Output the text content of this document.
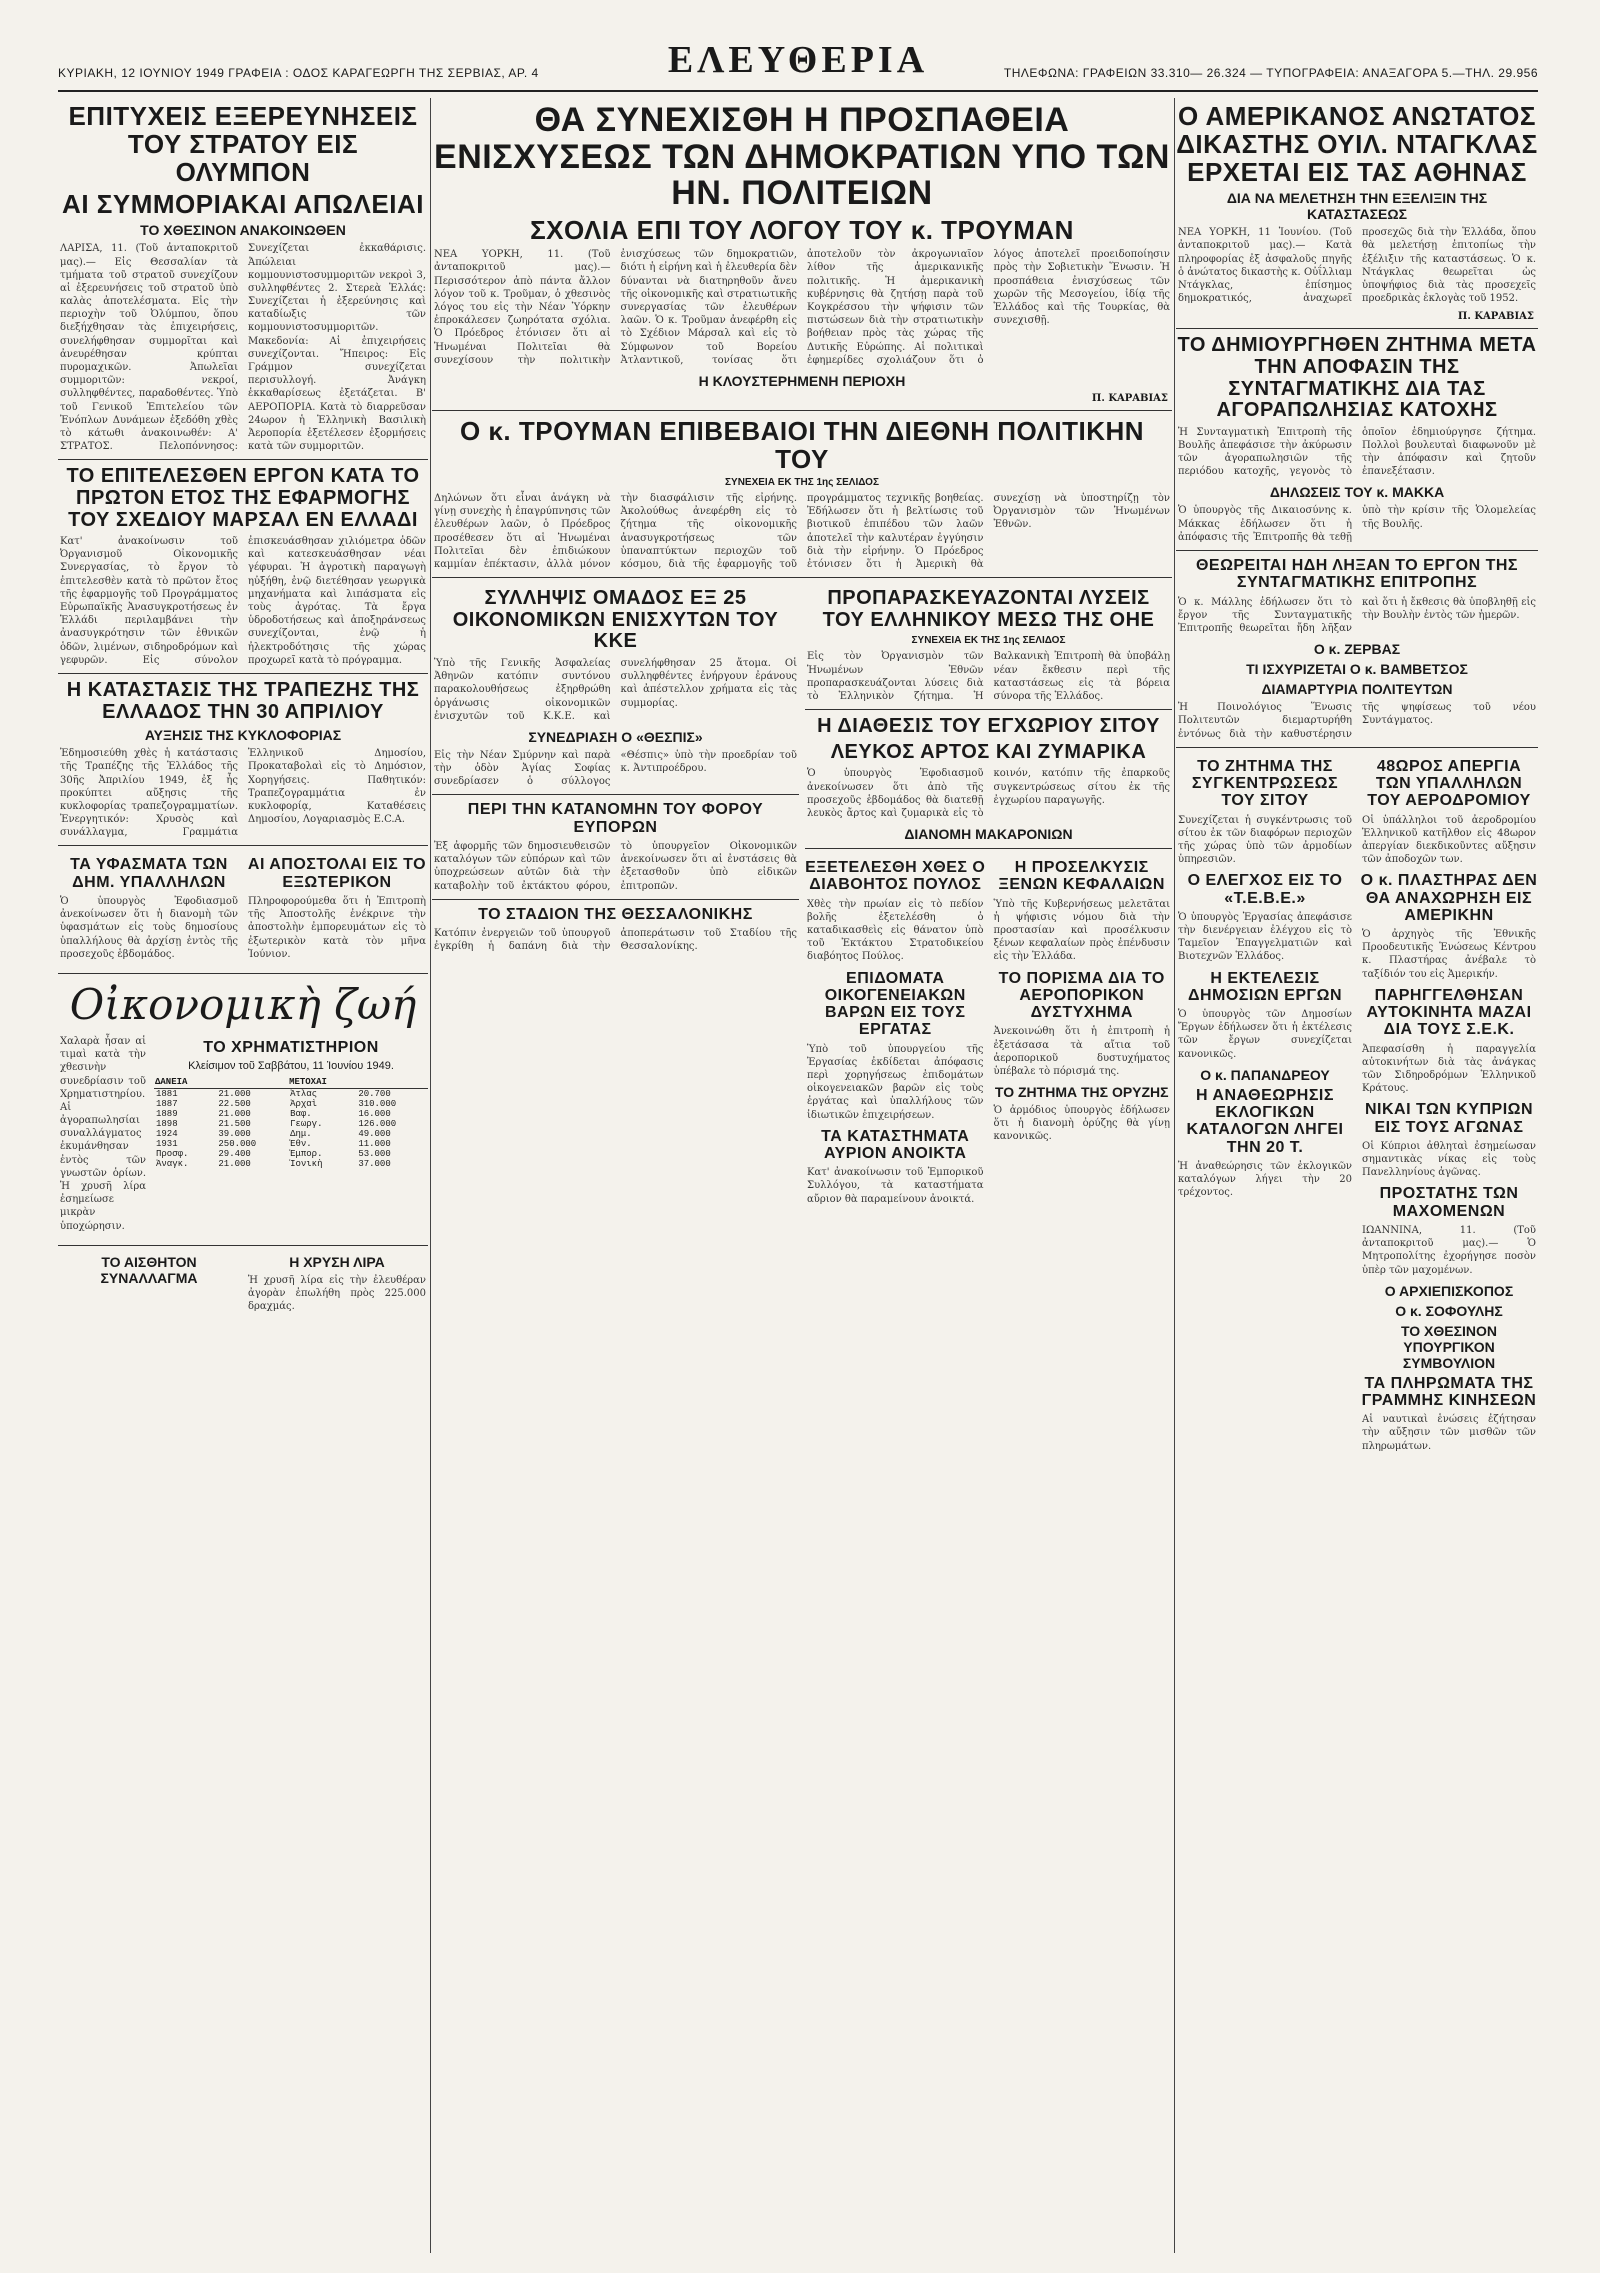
ΚΥΡΙΑΚΗ, 12 ΙΟΥΝΙΟΥ 1949 ΓΡΑΦΕΙΑ : ΟΔΟΣ ΚΑΡΑΓΕΩΡΓΗ ΤΗΣ ΣΕΡΒΙΑΣ, ΑΡ. 4	ΕΛΕΥΘΕΡΙΑ	ΤΗΛΕΦΩΝΑ: ΓΡΑΦΕΙΩΝ 33.310— 26.324 — ΤΥΠΟΓΡΑΦΕΙΑ: ΑΝΑΞΑΓΟΡΑ 5.—ΤΗΛ. 29.956
ΕΠΙΤΥΧΕΙΣ ΕΞΕΡΕΥΝΗΣΕΙΣ ΤΟΥ ΣΤΡΑΤΟΥ ΕΙΣ ΟΛΥΜΠΟΝ
ΑΙ ΣΥΜΜΟΡΙΑΚΑΙ ΑΠΩΛΕΙΑΙ
ΤΟ ΧΘΕΣΙΝΟΝ ΑΝΑΚΟΙΝΩΘΕΝ
ΛΑΡΙΣΑ, 11. (Τοῦ ἀνταποκριτοῦ μας).— Εἰς Θεσσαλίαν τὰ τμήματα τοῦ στρατοῦ συνεχίζουν αἱ ἐξερευνήσεις τοῦ στρατοῦ ὑπὸ καλὰς ἀποτελέσματα. Εἰς τὴν περιοχὴν τοῦ Ὀλύμπου, ὅπου διεξήχθησαν τὰς ἐπιχειρήσεις, συνελήφθησαν συμμορῖται καὶ ἀνευρέθησαν κρύπται πυρομαχικῶν. Ἀπωλεῖαι συμμοριτῶν: νεκροί, συλληφθέντες, παραδοθέντες. Ὑπὸ τοῦ Γενικοῦ Ἐπιτελείου τῶν Ἐνόπλων Δυνάμεων ἐξεδόθη χθὲς τὸ κάτωθι ἀνακοινωθέν: Α' ΣΤΡΑΤΟΣ. Πελοπόννησος: Συνεχίζεται ἐκκαθάρισις. Ἀπώλειαι κομμουνιστοσυμμοριτῶν νεκροὶ 3, συλληφθέντες 2. Στερεὰ Ἑλλάς: Συνεχίζεται ἡ ἐξερεύνησις καὶ καταδίωξις τῶν κομμουνιστοσυμμοριτῶν. Μακεδονία: Αἱ ἐπιχειρήσεις συνεχίζονται. Ἤπειρος: Εἰς Γράμμον συνεχίζεται περισυλλογή. Ἀνάγκη ἑκκαθαρίσεως ἐξετάζεται. Β' ΑΕΡΟΠΟΡΙΑ. Κατὰ τὸ διαρρεῦσαν 24ωρον ἡ Ἑλληνικὴ Βασιλικὴ Ἀεροπορία ἐξετέλεσεν ἐξορμήσεις κατὰ τῶν συμμοριτῶν.
ΤΟ ΕΠΙΤΕΛΕΣΘΕΝ ΕΡΓΟΝ ΚΑΤΑ ΤΟ ΠΡΩΤΟΝ ΕΤΟΣ ΤΗΣ ΕΦΑΡΜΟΓΗΣ ΤΟΥ ΣΧΕΔΙΟΥ ΜΑΡΣΑΛ ΕΝ ΕΛΛΑΔΙ
Κατ' ἀνακοίνωσιν τοῦ Ὀργανισμοῦ Οἰκονομικῆς Συνεργασίας, τὸ ἔργον τὸ ἐπιτελεσθὲν κατὰ τὸ πρῶτον ἔτος τῆς ἐφαρμογῆς τοῦ Προγράμματος Εὐρωπαϊκῆς Ἀνασυγκροτήσεως ἐν Ἑλλάδι περιλαμβάνει τὴν ἀνασυγκρότησιν τῶν ἐθνικῶν ὁδῶν, λιμένων, σιδηροδρόμων καὶ γεφυρῶν. Εἰς σύνολον ἐπισκευάσθησαν χιλιόμετρα ὁδῶν καὶ κατεσκευάσθησαν νέαι γέφυραι. Ἡ ἀγροτικὴ παραγωγὴ ηὐξήθη, ἐνῷ διετέθησαν γεωργικὰ μηχανήματα καὶ λιπάσματα εἰς τοὺς ἀγρότας. Τὰ ἔργα ὑδροδοτήσεως καὶ ἀποξηράνσεως συνεχίζονται, ἐνῷ ἡ ἠλεκτροδότησις τῆς χώρας προχωρεῖ κατὰ τὸ πρόγραμμα.
Η ΚΑΤΑΣΤΑΣΙΣ ΤΗΣ ΤΡΑΠΕΖΗΣ ΤΗΣ ΕΛΛΑΔΟΣ ΤΗΝ 30 ΑΠΡΙΛΙΟΥ
ΑΥΞΗΣΙΣ ΤΗΣ ΚΥΚΛΟΦΟΡΙΑΣ
Ἐδημοσιεύθη χθὲς ἡ κατάστασις τῆς Τραπέζης τῆς Ἑλλάδος τῆς 30ῆς Ἀπριλίου 1949, ἐξ ἧς προκύπτει αὔξησις τῆς κυκλοφορίας τραπεζογραμματίων. Ἐνεργητικόν: Χρυσὸς καὶ συνάλλαγμα, Γραμμάτια Ἑλληνικοῦ Δημοσίου, Προκαταβολαὶ εἰς τὸ Δημόσιον, Χορηγήσεις. Παθητικόν: Τραπεζογραμμάτια ἐν κυκλοφορίᾳ, Καταθέσεις Δημοσίου, Λογαριασμὸς E.C.A.
ΤΑ ΥΦΑΣΜΑΤΑ ΤΩΝ ΔΗΜ. ΥΠΑΛΛΗΛΩΝ
Ὁ ὑπουργὸς Ἐφοδιασμοῦ ἀνεκοίνωσεν ὅτι ἡ διανομὴ τῶν ὑφασμάτων εἰς τοὺς δημοσίους ὑπαλλήλους θὰ ἀρχίσῃ ἐντὸς τῆς προσεχοῦς ἑβδομάδος.
ΑΙ ΑΠΟΣΤΟΛΑΙ ΕΙΣ ΤΟ ΕΞΩΤΕΡΙΚΟΝ
Πληροφορούμεθα ὅτι ἡ Ἐπιτροπὴ τῆς Ἀποστολῆς ἐνέκρινε τὴν ἀποστολὴν ἐμπορευμάτων εἰς τὸ ἐξωτερικὸν κατὰ τὸν μῆνα Ἰούνιον.
Οἰκονομικὴ ζωή
Χαλαρὰ ἦσαν αἱ τιμαὶ κατὰ τὴν χθεσινὴν συνεδρίασιν τοῦ Χρηματιστηρίου. Αἱ ἀγοραπωλησίαι συναλλάγματος ἐκυμάνθησαν ἐντὸς τῶν γνωστῶν ὁρίων. Ἡ χρυσῆ λίρα ἐσημείωσε μικρὰν ὑποχώρησιν.
ΤΟ ΧΡΗΜΑΤΙΣΤΗΡΙΟΝ
Κλείσιμον τοῦ Σαββάτου, 11 Ἰουνίου 1949.
ΔΑΝΕΙΑ		ΜΕΤΟΧΑΙ	
1881	21.000	Ἀτλας	20.700
1887	22.500	Ἀρχαὶ	310.000
1889	21.000	Βαφ.	16.000
1898	21.500	Γεωργ.	126.000
1924	39.000	Δημ.	49.000
1931	250.000	Ἐθν.	11.000
Προσφ.	29.400	Ἐμπορ.	53.000
Ἀναγκ.	21.000	Ἰονικὴ	37.000
ΤΟ ΑΙΣΘΗΤΟΝ ΣΥΝΑΛΛΑΓΜΑ
Η ΧΡΥΣΗ ΛΙΡΑ
Ἡ χρυσῆ λίρα εἰς τὴν ἐλευθέραν ἀγορὰν ἐπωλήθη πρὸς 225.000 δραχμάς.
ΘΑ ΣΥΝΕΧΙΣΘΗ Η ΠΡΟΣΠΑΘΕΙΑ ΕΝΙΣΧΥΣΕΩΣ ΤΩΝ ΔΗΜΟΚΡΑΤΙΩΝ ΥΠΟ ΤΩΝ ΗΝ. ΠΟΛΙΤΕΙΩΝ
ΣΧΟΛΙΑ ΕΠΙ ΤΟΥ ΛΟΓΟΥ ΤΟΥ κ. ΤΡΟΥΜΑΝ
ΝΕΑ ΥΟΡΚΗ, 11. (Τοῦ ἀνταποκριτοῦ μας).— Περισσότερον ἀπὸ πάντα ἄλλον λόγον τοῦ κ. Τροῦμαν, ὁ χθεσινὸς λόγος του εἰς τὴν Νέαν Ὑόρκην ἐπροκάλεσεν ζωηρότατα σχόλια. Ὁ Πρόεδρος ἐτόνισεν ὅτι αἱ Ἡνωμέναι Πολιτεῖαι θὰ συνεχίσουν τὴν πολιτικὴν ἐνισχύσεως τῶν δημοκρατιῶν, διότι ἡ εἰρήνη καὶ ἡ ἐλευθερία δὲν δύνανται νὰ διατηρηθοῦν ἄνευ τῆς οἰκονομικῆς καὶ στρατιωτικῆς συνεργασίας τῶν ἐλευθέρων λαῶν. Ὁ κ. Τροῦμαν ἀνεφέρθη εἰς τὸ Σχέδιον Μάρσαλ καὶ εἰς τὸ Σύμφωνον τοῦ Βορείου Ἀτλαντικοῦ, τονίσας ὅτι ἀποτελοῦν τὸν ἀκρογωνιαῖον λίθον τῆς ἀμερικανικῆς πολιτικῆς. Ἡ ἀμερικανικὴ κυβέρνησις θὰ ζητήσῃ παρὰ τοῦ Κογκρέσσου τὴν ψήφισιν τῶν πιστώσεων διὰ τὴν στρατιωτικὴν βοήθειαν πρὸς τὰς χώρας τῆς Δυτικῆς Εὐρώπης. Αἱ πολιτικαὶ ἐφημερίδες σχολιάζουν ὅτι ὁ λόγος ἀποτελεῖ προειδοποίησιν πρὸς τὴν Σοβιετικὴν Ἕνωσιν. Ἡ προσπάθεια ἐνισχύσεως τῶν χωρῶν τῆς Μεσογείου, ἰδίᾳ τῆς Ἑλλάδος καὶ τῆς Τουρκίας, θὰ συνεχισθῇ.
Η ΚΛΟΥΣΤΕΡΗΜΕΝΗ ΠΕΡΙΟΧΗ
Π. ΚΑΡΑΒΙΑΣ
Ο κ. ΤΡΟΥΜΑΝ ΕΠΙΒΕΒΑΙΟΙ ΤΗΝ ΔΙΕΘΝΗ ΠΟΛΙΤΙΚΗΝ ΤΟΥ
ΣΥΝΕΧΕΙΑ ΕΚ ΤΗΣ 1ης ΣΕΛΙΔΟΣ
Δηλώνων ὅτι εἶναι ἀνάγκη νὰ γίνῃ συνεχὴς ἡ ἐπαγρύπνησις τῶν ἐλευθέρων λαῶν, ὁ Πρόεδρος προσέθεσεν ὅτι αἱ Ἡνωμέναι Πολιτεῖαι δὲν ἐπιδιώκουν καμμίαν ἐπέκτασιν, ἀλλὰ μόνον τὴν διασφάλισιν τῆς εἰρήνης. Ἀκολούθως ἀνεφέρθη εἰς τὸ ζήτημα τῆς οἰκονομικῆς ἀνασυγκροτήσεως τῶν ὑπαναπτύκτων περιοχῶν τοῦ κόσμου, διὰ τῆς ἐφαρμογῆς τοῦ προγράμματος τεχνικῆς βοηθείας. Ἐδήλωσεν ὅτι ἡ βελτίωσις τοῦ βιοτικοῦ ἐπιπέδου τῶν λαῶν ἀποτελεῖ τὴν καλυτέραν ἐγγύησιν διὰ τὴν εἰρήνην. Ὁ Πρόεδρος ἐτόνισεν ὅτι ἡ Ἀμερικὴ θὰ συνεχίσῃ νὰ ὑποστηρίζῃ τὸν Ὀργανισμὸν τῶν Ἡνωμένων Ἐθνῶν.
ΣΥΛΛΗΨΙΣ ΟΜΑΔΟΣ ΕΞ 25 ΟΙΚΟΝΟΜΙΚΩΝ ΕΝΙΣΧΥΤΩΝ ΤΟΥ ΚΚΕ
Ὑπὸ τῆς Γενικῆς Ἀσφαλείας Ἀθηνῶν κατόπιν συντόνου παρακολουθήσεως ἐξηρθρώθη ὀργάνωσις οἰκονομικῶν ἐνισχυτῶν τοῦ Κ.Κ.Ε. καὶ συνελήφθησαν 25 ἄτομα. Οἱ συλληφθέντες ἐνήργουν ἐράνους καὶ ἀπέστελλον χρήματα εἰς τὰς συμμορίας.
ΣΥΝΕΔΡΙΑΣΗ Ο «ΘΕΣΠΙΣ»
Εἰς τὴν Νέαν Σμύρνην καὶ παρὰ τὴν ὁδὸν Ἀγίας Σοφίας συνεδρίασεν ὁ σύλλογος «Θέσπις» ὑπὸ τὴν προεδρίαν τοῦ κ. Ἀντιπροέδρου.
ΠΕΡΙ ΤΗΝ ΚΑΤΑΝΟΜΗΝ ΤΟΥ ΦΟΡΟΥ ΕΥΠΟΡΩΝ
Ἐξ ἀφορμῆς τῶν δημοσιευθεισῶν καταλόγων τῶν εὐπόρων καὶ τῶν ὑποχρεώσεων αὐτῶν διὰ τὴν καταβολὴν τοῦ ἐκτάκτου φόρου, τὸ ὑπουργεῖον Οἰκονομικῶν ἀνεκοίνωσεν ὅτι αἱ ἐνστάσεις θὰ ἐξετασθοῦν ὑπὸ εἰδικῶν ἐπιτροπῶν.
ΤΟ ΣΤΑΔΙΟΝ ΤΗΣ ΘΕΣΣΑΛΟΝΙΚΗΣ
Κατόπιν ἐνεργειῶν τοῦ ὑπουργοῦ ἐγκρίθη ἡ δαπάνη διὰ τὴν ἀποπεράτωσιν τοῦ Σταδίου τῆς Θεσσαλονίκης.
ΠΡΟΠΑΡΑΣΚΕΥΑΖΟΝΤΑΙ ΛΥΣΕΙΣ ΤΟΥ ΕΛΛΗΝΙΚΟΥ ΜΕΣΩ ΤΗΣ ΟΗΕ
ΣΥΝΕΧΕΙΑ ΕΚ ΤΗΣ 1ης ΣΕΛΙΔΟΣ
Εἰς τὸν Ὀργανισμὸν τῶν Ἡνωμένων Ἐθνῶν προπαρασκευάζονται λύσεις διὰ τὸ Ἑλληνικὸν ζήτημα. Ἡ Βαλκανικὴ Ἐπιτροπὴ θὰ ὑποβάλῃ νέαν ἔκθεσιν περὶ τῆς καταστάσεως εἰς τὰ βόρεια σύνορα τῆς Ἑλλάδος.
Η ΔΙΑΘΕΣΙΣ ΤΟΥ ΕΓΧΩΡΙΟΥ ΣΙΤΟΥ
ΛΕΥΚΟΣ ΑΡΤΟΣ ΚΑΙ ΖΥΜΑΡΙΚΑ
Ὁ ὑπουργὸς Ἐφοδιασμοῦ ἀνεκοίνωσεν ὅτι ἀπὸ τῆς προσεχοῦς ἑβδομάδος θὰ διατεθῇ λευκὸς ἄρτος καὶ ζυμαρικὰ εἰς τὸ κοινόν, κατόπιν τῆς ἐπαρκοῦς συγκεντρώσεως σίτου ἐκ τῆς ἐγχωρίου παραγωγῆς.
ΔΙΑΝΟΜΗ ΜΑΚΑΡΟΝΙΩΝ
ΕΞΕΤΕΛΕΣΘΗ ΧΘΕΣ Ο ΔΙΑΒΟΗΤΟΣ ΠΟΥΛΟΣ
Χθὲς τὴν πρωίαν εἰς τὸ πεδίον βολῆς ἐξετελέσθη ὁ καταδικασθεὶς εἰς θάνατον ὑπὸ τοῦ Ἐκτάκτου Στρατοδικείου διαβόητος Πούλος.
ΕΠΙΔΟΜΑΤΑ ΟΙΚΟΓΕΝΕΙΑΚΩΝ ΒΑΡΩΝ ΕΙΣ ΤΟΥΣ ΕΡΓΑΤΑΣ
Ὑπὸ τοῦ ὑπουργείου τῆς Ἐργασίας ἐκδίδεται ἀπόφασις περὶ χορηγήσεως ἐπιδομάτων οἰκογενειακῶν βαρῶν εἰς τοὺς ἐργάτας καὶ ὑπαλλήλους τῶν ἰδιωτικῶν ἐπιχειρήσεων.
ΤΑ ΚΑΤΑΣΤΗΜΑΤΑ ΑΥΡΙΟΝ ΑΝΟΙΚΤΑ
Κατ' ἀνακοίνωσιν τοῦ Ἐμπορικοῦ Συλλόγου, τὰ καταστήματα αὔριον θὰ παραμείνουν ἀνοικτά.
Η ΠΡΟΣΕΛΚΥΣΙΣ ΞΕΝΩΝ ΚΕΦΑΛΑΙΩΝ
Ὑπὸ τῆς Κυβερνήσεως μελετᾶται ἡ ψήφισις νόμου διὰ τὴν προστασίαν καὶ προσέλκυσιν ξένων κεφαλαίων πρὸς ἐπένδυσιν εἰς τὴν Ἑλλάδα.
ΤΟ ΠΟΡΙΣΜΑ ΔΙΑ ΤΟ ΑΕΡΟΠΟΡΙΚΟΝ ΔΥΣΤΥΧΗΜΑ
Ἀνεκοινώθη ὅτι ἡ ἐπιτροπὴ ἡ ἐξετάσασα τὰ αἴτια τοῦ ἀεροπορικοῦ δυστυχήματος ὑπέβαλε τὸ πόρισμά της.
ΤΟ ΖΗΤΗΜΑ ΤΗΣ ΟΡΥΖΗΣ
Ὁ ἀρμόδιος ὑπουργὸς ἐδήλωσεν ὅτι ἡ διανομὴ ὀρύζης θὰ γίνῃ κανονικῶς.
Ο ΑΜΕΡΙΚΑΝΟΣ ΑΝΩΤΑΤΟΣ ΔΙΚΑΣΤΗΣ ΟΥΙΛ. ΝΤΑΓΚΛΑΣ ΕΡΧΕΤΑΙ ΕΙΣ ΤΑΣ ΑΘΗΝΑΣ
ΔΙΑ ΝΑ ΜΕΛΕΤΗΣΗ ΤΗΝ ΕΞΕΛΙΞΙΝ ΤΗΣ ΚΑΤΑΣΤΑΣΕΩΣ
ΝΕΑ ΥΟΡΚΗ, 11 Ἰουνίου. (Τοῦ ἀνταποκριτοῦ μας).— Κατὰ πληροφορίας ἐξ ἀσφαλοῦς πηγῆς ὁ ἀνώτατος δικαστὴς κ. Οὐΐλλιαμ Ντάγκλας, ἐπίσημος δημοκρατικός, ἀναχωρεῖ προσεχῶς διὰ τὴν Ἑλλάδα, ὅπου θὰ μελετήσῃ ἐπιτοπίως τὴν ἐξέλιξιν τῆς καταστάσεως. Ὁ κ. Ντάγκλας θεωρεῖται ὡς ὑποψήφιος διὰ τὰς προσεχεῖς προεδρικὰς ἐκλογὰς τοῦ 1952.
Π. ΚΑΡΑΒΙΑΣ
ΤΟ ΔΗΜΙΟΥΡΓΗΘΕΝ ΖΗΤΗΜΑ ΜΕΤΑ ΤΗΝ ΑΠΟΦΑΣΙΝ ΤΗΣ ΣΥΝΤΑΓΜΑΤΙΚΗΣ ΔΙΑ ΤΑΣ ΑΓΟΡΑΠΩΛΗΣΙΑΣ ΚΑΤΟΧΗΣ
Ἡ Συνταγματικὴ Ἐπιτροπὴ τῆς Βουλῆς ἀπεφάσισε τὴν ἀκύρωσιν τῶν ἀγοραπωλησιῶν τῆς περιόδου κατοχῆς, γεγονὸς τὸ ὁποῖον ἐδημιούργησε ζήτημα. Πολλοὶ βουλευταὶ διαφωνοῦν μὲ τὴν ἀπόφασιν καὶ ζητοῦν ἐπανεξέτασιν.
ΔΗΛΩΣΕΙΣ ΤΟΥ κ. ΜΑΚΚΑ
Ὁ ὑπουργὸς τῆς Δικαιοσύνης κ. Μάκκας ἐδήλωσεν ὅτι ἡ ἀπόφασις τῆς Ἐπιτροπῆς θὰ τεθῇ ὑπὸ τὴν κρίσιν τῆς Ὁλομελείας τῆς Βουλῆς.
ΘΕΩΡΕΙΤΑΙ ΗΔΗ ΛΗΞΑΝ ΤΟ ΕΡΓΟΝ ΤΗΣ ΣΥΝΤΑΓΜΑΤΙΚΗΣ ΕΠΙΤΡΟΠΗΣ
Ὁ κ. Μάλλης ἐδήλωσεν ὅτι τὸ ἔργον τῆς Συνταγματικῆς Ἐπιτροπῆς θεωρεῖται ἤδη λῆξαν καὶ ὅτι ἡ ἔκθεσις θὰ ὑποβληθῇ εἰς τὴν Βουλὴν ἐντὸς τῶν ἡμερῶν.
Ο κ. ΖΕΡΒΑΣ
ΤΙ ΙΣΧΥΡΙΖΕΤΑΙ Ο κ. ΒΑΜΒΕΤΣΟΣ
ΔΙΑΜΑΡΤΥΡΙΑ ΠΟΛΙΤΕΥΤΩΝ
Ἡ Ποινολόγιος Ἕνωσις Πολιτευτῶν διεμαρτυρήθη ἐντόνως διὰ τὴν καθυστέρησιν τῆς ψηφίσεως τοῦ νέου Συντάγματος.
ΤΟ ΖΗΤΗΜΑ ΤΗΣ ΣΥΓΚΕΝΤΡΩΣΕΩΣ ΤΟΥ ΣΙΤΟΥ
Συνεχίζεται ἡ συγκέντρωσις τοῦ σίτου ἐκ τῶν διαφόρων περιοχῶν τῆς χώρας ὑπὸ τῶν ἀρμοδίων ὑπηρεσιῶν.
Ο ΕΛΕΓΧΟΣ ΕΙΣ ΤΟ «Τ.Ε.Β.Ε.»
Ὁ ὑπουργὸς Ἐργασίας ἀπεφάσισε τὴν διενέργειαν ἐλέγχου εἰς τὸ Ταμεῖον Ἐπαγγελματιῶν καὶ Βιοτεχνῶν Ἑλλάδος.
Η ΕΚΤΕΛΕΣΙΣ ΔΗΜΟΣΙΩΝ ΕΡΓΩΝ
Ὁ ὑπουργὸς τῶν Δημοσίων Ἔργων ἐδήλωσεν ὅτι ἡ ἐκτέλεσις τῶν ἔργων συνεχίζεται κανονικῶς.
Ο κ. ΠΑΠΑΝΔΡΕΟΥ
Η ΑΝΑΘΕΩΡΗΣΙΣ ΕΚΛΟΓΙΚΩΝ ΚΑΤΑΛΟΓΩΝ ΛΗΓΕΙ ΤΗΝ 20 Τ.
Ἡ ἀναθεώρησις τῶν ἐκλογικῶν καταλόγων λήγει τὴν 20 τρέχοντος.
48ΩΡΟΣ ΑΠΕΡΓΙΑ ΤΩΝ ΥΠΑΛΛΗΛΩΝ ΤΟΥ ΑΕΡΟΔΡΟΜΙΟΥ
Οἱ ὑπάλληλοι τοῦ ἀεροδρομίου Ἑλληνικοῦ κατῆλθον εἰς 48ωρον ἀπεργίαν διεκδικοῦντες αὔξησιν τῶν ἀποδοχῶν των.
Ο κ. ΠΛΑΣΤΗΡΑΣ ΔΕΝ ΘΑ ΑΝΑΧΩΡΗΣΗ ΕΙΣ ΑΜΕΡΙΚΗΝ
Ὁ ἀρχηγὸς τῆς Ἐθνικῆς Προοδευτικῆς Ἑνώσεως Κέντρου κ. Πλαστήρας ἀνέβαλε τὸ ταξίδιόν του εἰς Ἀμερικήν.
ΠΑΡΗΓΓΕΛΘΗΣΑΝ ΑΥΤΟΚΙΝΗΤΑ ΜΑΖΑΙ ΔΙΑ ΤΟΥΣ Σ.Ε.Κ.
Ἀπεφασίσθη ἡ παραγγελία αὐτοκινήτων διὰ τὰς ἀνάγκας τῶν Σιδηροδρόμων Ἑλληνικοῦ Κράτους.
ΝΙΚΑΙ ΤΩΝ ΚΥΠΡΙΩΝ ΕΙΣ ΤΟΥΣ ΑΓΩΝΑΣ
Οἱ Κύπριοι ἀθληταὶ ἐσημείωσαν σημαντικὰς νίκας εἰς τοὺς Πανελληνίους ἀγῶνας.
ΠΡΟΣΤΑΤΗΣ ΤΩΝ ΜΑΧΟΜΕΝΩΝ
ΙΩΑΝΝΙΝΑ, 11. (Τοῦ ἀνταποκριτοῦ μας).— Ὁ Μητροπολίτης ἐχορήγησε ποσὸν ὑπὲρ τῶν μαχομένων.
Ο ΑΡΧΙΕΠΙΣΚΟΠΟΣ
Ο κ. ΣΟΦΟΥΛΗΣ
ΤΟ ΧΘΕΣΙΝΟΝ ΥΠΟΥΡΓΙΚΟΝ ΣΥΜΒΟΥΛΙΟΝ
ΤΑ ΠΛΗΡΩΜΑΤΑ ΤΗΣ ΓΡΑΜΜΗΣ ΚΙΝΗΣΕΩΝ
Αἱ ναυτικαὶ ἑνώσεις ἐζήτησαν τὴν αὔξησιν τῶν μισθῶν τῶν πληρωμάτων.
